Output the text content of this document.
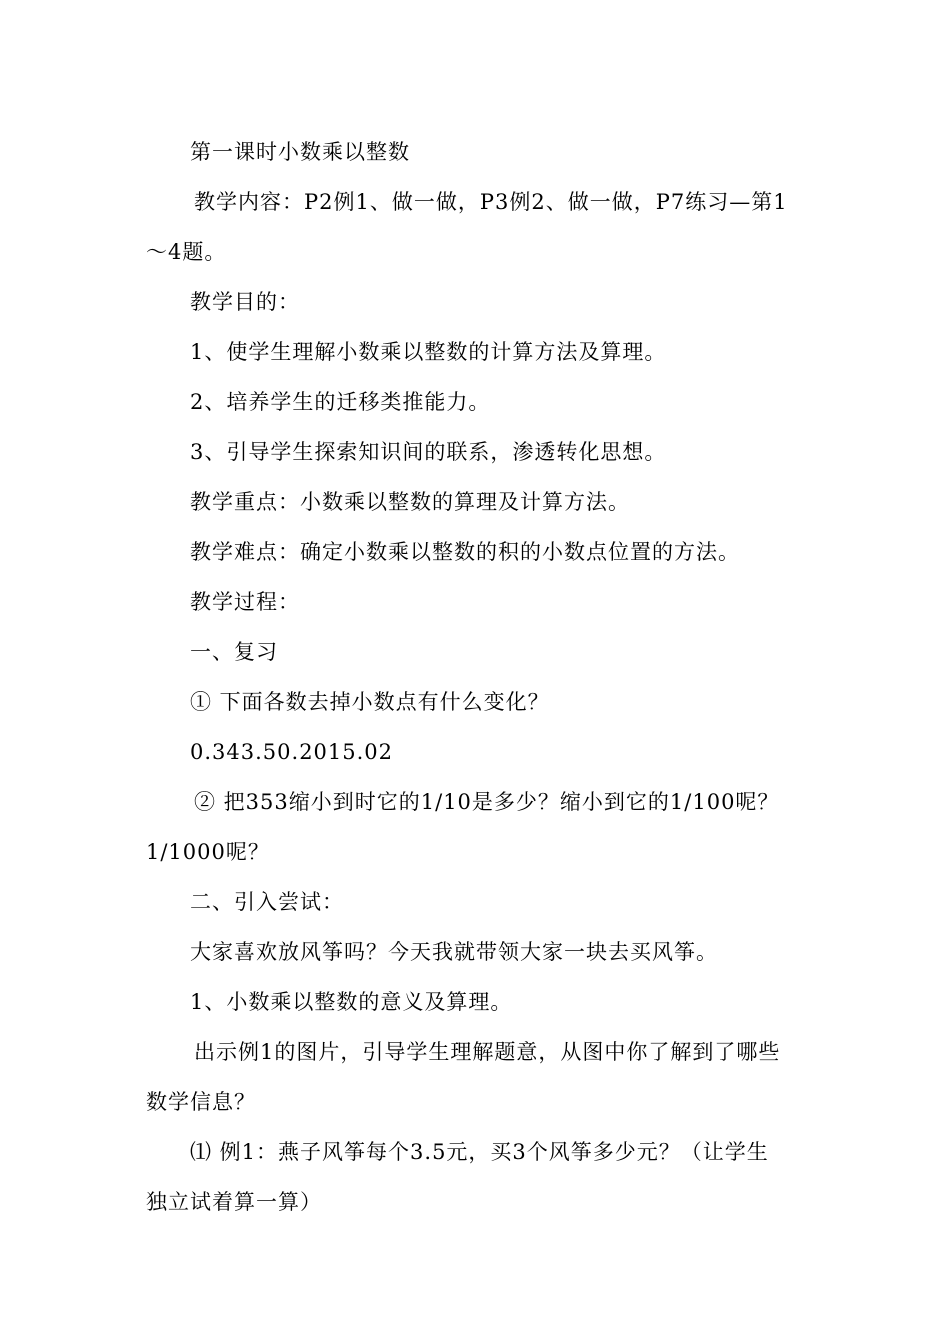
第一课时小数乘以整数
教学内容：P2例1、做一做，P3例2、做一做，P7练习—第1
～4题。
教学目的：
1、使学生理解小数乘以整数的计算方法及算理。
2、培养学生的迁移类推能力。
3、引导学生探索知识间的联系，渗透转化思想。
教学重点：小数乘以整数的算理及计算方法。
教学难点：确定小数乘以整数的积的小数点位置的方法。
教学过程：
一、复习
① 下面各数去掉小数点有什么变化？
0.343.50.2015.02
② 把353缩小到时它的1/10是多少？缩小到它的1/100呢？
1/1000呢？
二、引入尝试：
大家喜欢放风筝吗？今天我就带领大家一块去买风筝。
1、小数乘以整数的意义及算理。
出示例1的图片，引导学生理解题意，从图中你了解到了哪些
数学信息？
⑴ 例1：燕子风筝每个3.5元，买3个风筝多少元？（让学生
独立试着算一算）
